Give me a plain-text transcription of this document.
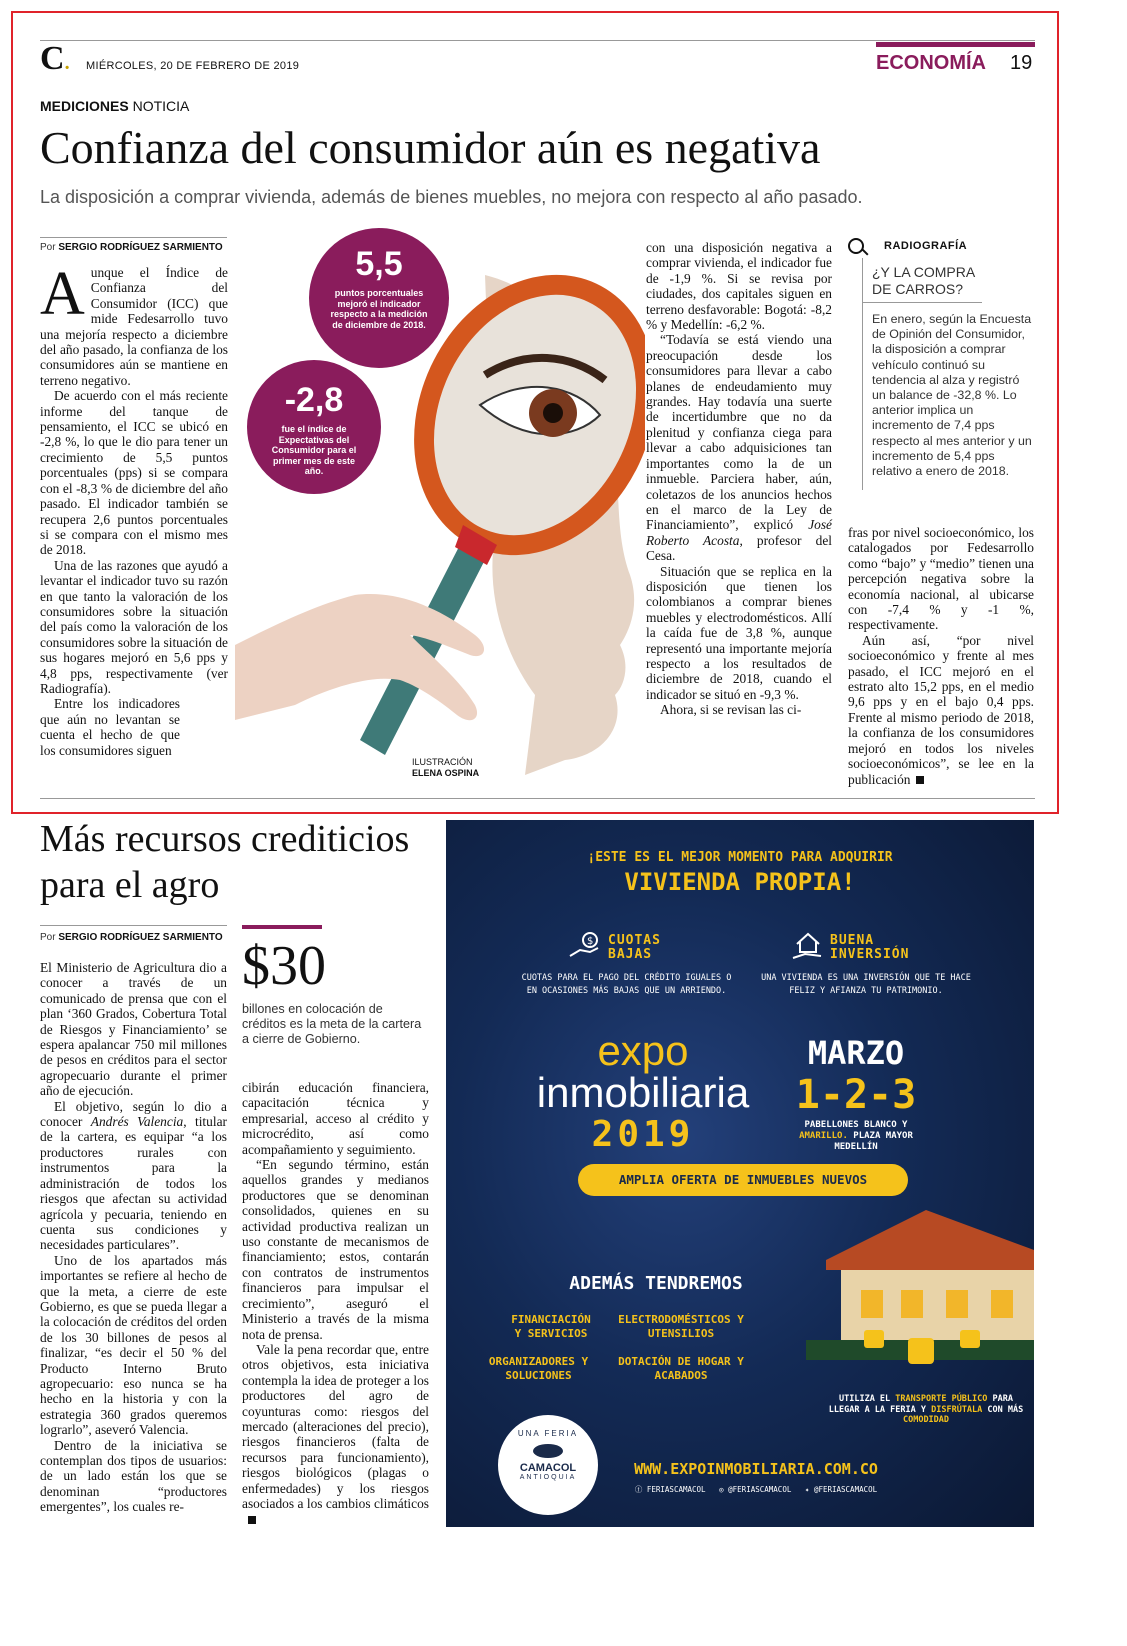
C. MIÉRCOLES, 20 DE FEBRERO DE 2019	ECONOMÍA 19
MEDICIONES NOTICIA
Confianza del consumidor aún es negativa
La disposición a comprar vivienda, además de bienes muebles, no mejora con respecto al año pasado.
Por SERGIO RODRÍGUEZ SARMIENTO

Aunque el Índice de Confianza del Consumidor (ICC) que mide Fedesarrollo tuvo una mejoría respecto a diciembre del año pasado, la confianza de los consumidores aún se mantiene en terreno negativo.

De acuerdo con el más reciente informe del tanque de pensamiento, el ICC se ubicó en -2,8 %, lo que le dio para tener un crecimiento de 5,5 puntos porcentuales (pps) si se compara con el -8,3 % de diciembre del año pasado. El indicador también se recupera 2,6 puntos porcentuales si se compara con el mismo mes de 2018.

Una de las razones que ayudó a levantar el indicador tuvo su razón en que tanto la valoración de los consumidores sobre la situación del país como la valoración de los consumidores sobre la situación de sus hogares mejoró en 5,6 pps y 4,8 pps, respectivamente (ver Radiografía).

Entre los indicadores que aún no levantan se cuenta el hecho de que los consumidores siguen

5,5
puntos porcentuales mejoró el indicador respecto a la medición de diciembre de 2018.
-2,8
fue el índice de Expectativas del Consumidor para el primer mes de este año.
ILUSTRACIÓN
ELENA OSPINA

con una disposición negativa a comprar vivienda, el indicador fue de -1,9 %. Si se revisa por ciudades, dos capitales siguen en terreno desfavorable: Bogotá: -8,2 % y Medellín: -6,2 %.

“Todavía se está viendo una preocupación desde los consumidores para llevar a cabo planes de endeudamiento muy grandes. Hay todavía una suerte de incertidumbre que no da plenitud y confianza ciega para llevar a cabo adquisiciones tan importantes como la de un inmueble. Parciera haber, aún, coletazos de los anuncios hechos en el marco de la Ley de Financiamiento”, explicó José Roberto Acosta, profesor del Cesa.

Situación que se replica en la disposición que tienen los colombianos a comprar bienes muebles y electrodomésticos. Allí la caída fue de 3,8 %, aunque representó una importante mejoría respecto a los resultados de diciembre de 2018, cuando el indicador se situó en -9,3 %.

Ahora, si se revisan las ci-

RADIOGRAFÍA
¿Y LA COMPRA DE CARROS?
En enero, según la Encuesta de Opinión del Consumidor, la disposición a comprar vehículo continuó su tendencia al alza y registró un balance de -32,8 %. Lo anterior implica un incremento de 7,4 pps respecto al mes anterior y un incremento de 5,4 pps relativo a enero de 2018.

fras por nivel socioeconómico, los catalogados por Fedesarrollo como “bajo” y “medio” tienen una percepción negativa sobre la economía nacional, al ubicarse con -7,4 % y -1 %, respectivamente.

Aún así, “por nivel socioeconómico y frente al mes pasado, el ICC mejoró en el estrato alto 15,2 pps, en el medio 9,6 pps y en el bajo 0,4 pps. Frente al mismo periodo de 2018, la confianza de los consumidores mejoró en todos los niveles socioeconómicos”, se lee en la publicación

Más recursos crediticios para el agro
Por SERGIO RODRÍGUEZ SARMIENTO $30
billones en colocación de créditos es la meta de la cartera a cierre de Gobierno.

El Ministerio de Agricultura dio a conocer a través de un comunicado de prensa que con el plan ‘360 Grados, Cobertura Total de Riesgos y Financiamiento’ se espera apalancar 750 mil millones de pesos en créditos para el sector agropecuario durante el primer año de ejecución.

El objetivo, según lo dio a conocer Andrés Valencia, titular de la cartera, es equipar “a los productores rurales con instrumentos para la administración de todos los riesgos que afectan su actividad agrícola y pecuaria, teniendo en cuenta sus condiciones y necesidades particulares”.

Uno de los apartados más importantes se refiere al hecho de que la meta, a cierre de este Gobierno, es que se pueda llegar a la colocación de créditos del orden de los 30 billones de pesos al finalizar, “es decir el 50 % del Producto Interno Bruto agropecuario: eso nunca se ha hecho en la historia y con la estrategia 360 grados queremos lograrlo”, aseveró Valencia.

Dentro de la iniciativa se contemplan dos tipos de usuarios: de un lado están los que se denominan “productores emergentes”, los cuales re-

cibirán educación financiera, capacitación técnica y empresarial, acceso al crédito y microcrédito, así como acompañamiento y seguimiento.

“En segundo término, están aquellos grandes y medianos productores que se denominan consolidados, quienes en su actividad productiva realizan un uso constante de mecanismos de financiamiento; estos, contarán con contratos de instrumentos financieros para impulsar el crecimiento”, aseguró el Ministerio a través de la misma nota de prensa.

Vale la pena recordar que, entre otros objetivos, esta iniciativa contempla la idea de proteger a los productores del agro de coyunturas como: riesgos del mercado (alteraciones del precio), riesgos financieros (falta de recursos para funcionamiento), riesgos biológicos (plagas o enfermedades) y los riesgos asociados a los cambios climáticos

¡ESTE ES EL MEJOR MOMENTO PARA ADQUIRIR
VIVIENDA PROPIA!
$ CUOTAS BAJAS
CUOTAS PARA EL PAGO DEL CRÉDITO IGUALES O EN OCASIONES MÁS BAJAS QUE UN ARRIENDO.
BUENA INVERSIÓN
UNA VIVIENDA ES UNA INVERSIÓN QUE TE HACE FELIZ Y AFIANZA TU PATRIMONIO.
expo
inmobiliaria
2019
MARZO
1-2-3
PABELLONES BLANCO Y
AMARILLO. PLAZA MAYOR
MEDELLÍN
AMPLIA OFERTA DE INMUEBLES NUEVOS
ADEMÁS TENDREMOS
FINANCIACIÓN Y SERVICIOS
ELECTRODOMÉSTICOS Y UTENSILIOS
ORGANIZADORES Y SOLUCIONES
DOTACIÓN DE HOGAR Y ACABADOS
UTILIZA EL TRANSPORTE PÚBLICO PARA LLEGAR A LA FERIA Y DISFRÚTALA CON MÁS COMODIDAD
UNA FERIA
CAMACOL
ANTIOQUIA	WWW.EXPOINMOBILIARIA.COM.CO
ⓕ FERIASCAMACOL ◎ @FERIASCAMACOL ✦ @FERIASCAMACOL
